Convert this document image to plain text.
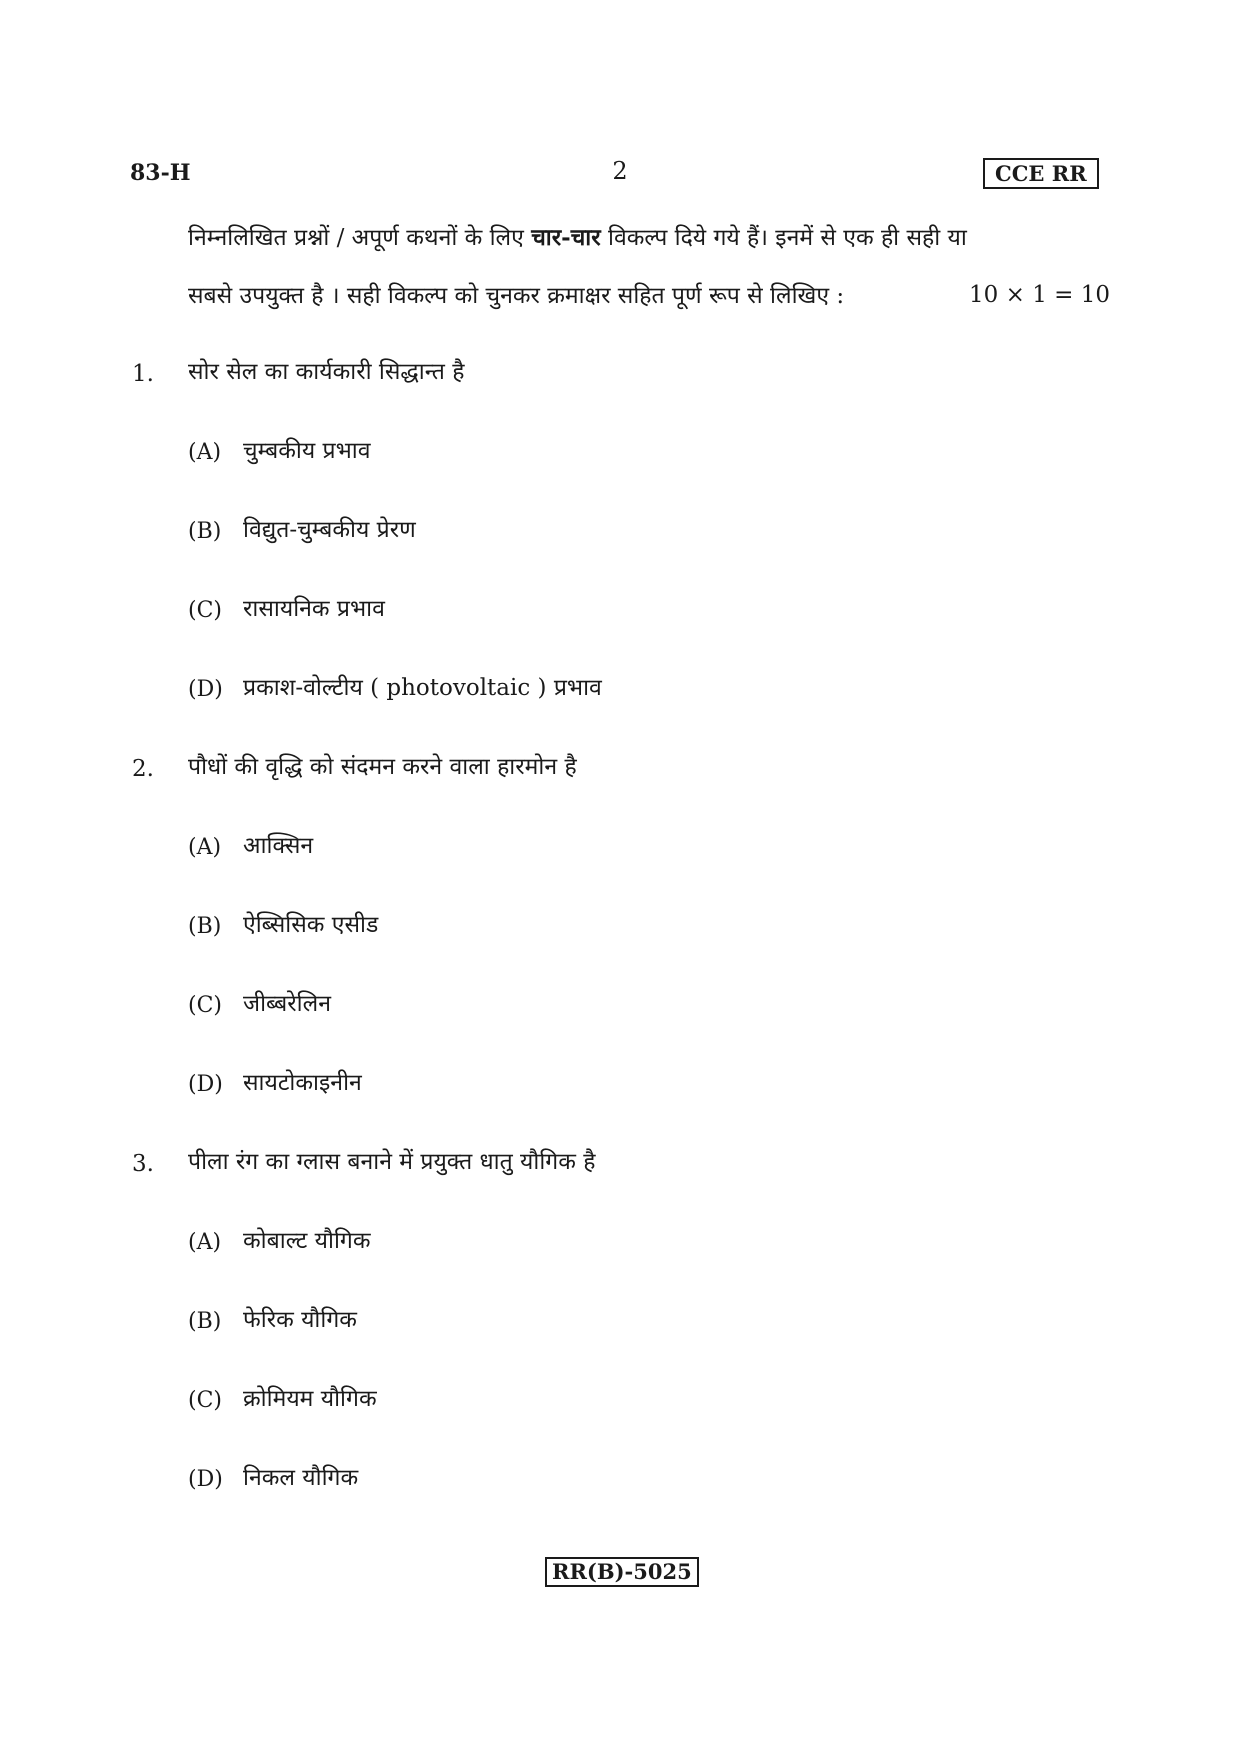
83-H	2	CCE RR
निम्नलिखित प्रश्नों / अपूर्ण कथनों के लिए चार-चार विकल्प दिये गये हैं। इनमें से एक ही सही या
सबसे उपयुक्त है । सही विकल्प को चुनकर क्रमाक्षर सहित पूर्ण रूप से लिखिए :	10 × 1 = 10
1.	सोर सेल का कार्यकारी सिद्धान्त है
(A) चुम्बकीय प्रभाव
(B) विद्युत-चुम्बकीय प्रेरण
(C) रासायनिक प्रभाव
(D) प्रकाश-वोल्टीय ( photovoltaic ) प्रभाव
2.	पौधों की वृद्धि को संदमन करने वाला हारमोन है
(A) आक्सिन
(B) ऐब्सिसिक एसीड
(C) जीब्बरेलिन
(D) सायटोकाइनीन
3.	पीला रंग का ग्लास बनाने में प्रयुक्त धातु यौगिक है
(A) कोबाल्ट यौगिक
(B) फेरिक यौगिक
(C) क्रोमियम यौगिक
(D) निकल यौगिक
RR(B)-5025
